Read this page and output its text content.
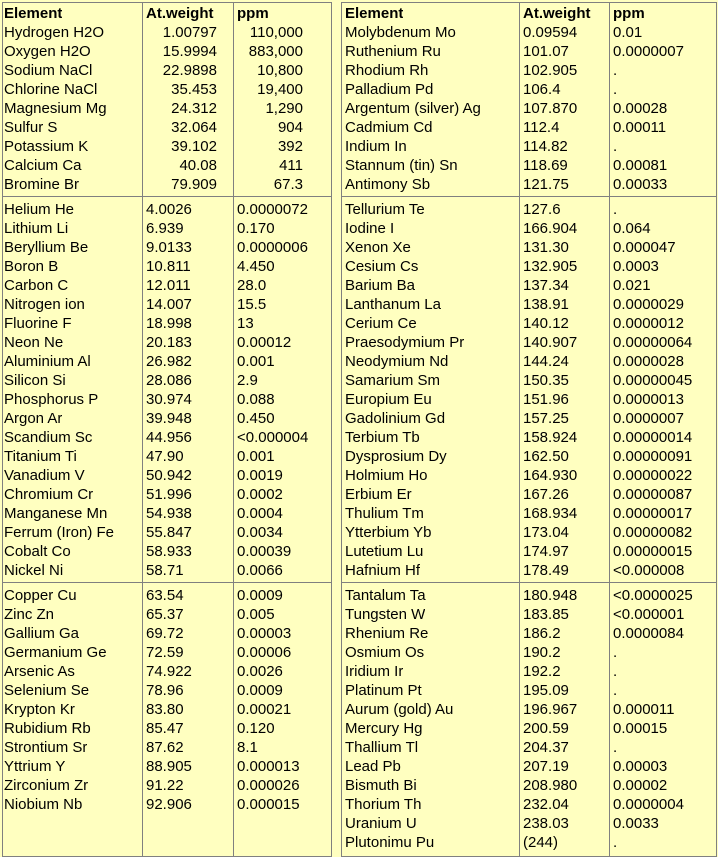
Element	At.weight ppm	Element	At.weight ppm
Hydrogen H2O	1.00797	110,000
Oxygen H2O	15.9994	883,000
Sodium NaCl	22.9898	10,800
Chlorine NaCl	35.453	19,400
Magnesium Mg	24.312	1,290
Sulfur S	32.064	904
Potassium K	39.102	392
Calcium Ca	40.08	411
Bromine Br	79.909	67.3
Helium He	4.0026	0.0000072
Lithium Li	6.939	0.170
Beryllium Be	9.0133	0.0000006
Boron B	10.811	4.450
Carbon C	12.011	28.0
Nitrogen ion	14.007	15.5
Fluorine F	18.998	13
Neon Ne	20.183	0.00012
Aluminium Al	26.982	0.001
Silicon Si	28.086	2.9
Phosphorus P	30.974	0.088
Argon Ar	39.948	0.450
Scandium Sc	44.956	<0.000004
Titanium Ti	47.90	0.001
Vanadium V	50.942	0.0019
Chromium Cr	51.996	0.0002
Manganese Mn	54.938	0.0004
Ferrum (Iron) Fe 55.847	0.0034
Cobalt Co	58.933	0.00039
Nickel Ni	58.71	0.0066
Copper Cu	63.54	0.0009
Zinc Zn	65.37	0.005
Gallium Ga	69.72	0.00003
Germanium Ge	72.59	0.00006
Arsenic As	74.922	0.0026
Selenium Se	78.96	0.0009
Krypton Kr	83.80	0.00021
Rubidium Rb	85.47	0.120
Strontium Sr	87.62	8.1
Yttrium Y	88.905	0.000013
Zirconium Zr	91.22	0.000026
Niobium Nb	92.906	0.000015
Molybdenum Mo	0.09594 0.01
Ruthenium Ru	101.07	0.0000007
Rhodium Rh	102.905 .
Palladium Pd	106.4	.
Argentum (silver) Ag	107.870 0.00028
Cadmium Cd	112.4	0.00011
Indium In	114.82	.
Stannum (tin) Sn	118.69	0.00081
Antimony Sb	121.75	0.00033
Tellurium Te	127.6	.
Iodine I	166.904 0.064
Xenon Xe	131.30	0.000047
Cesium Cs	132.905 0.0003
Barium Ba	137.34	0.021
Lanthanum La	138.91	0.0000029
Cerium Ce	140.12	0.0000012
Praesodymium Pr	140.907 0.00000064
Neodymium Nd	144.24	0.0000028
Samarium Sm	150.35	0.00000045
Europium Eu	151.96	0.0000013
Gadolinium Gd	157.25	0.0000007
Terbium Tb	158.924 0.00000014
Dysprosium Dy	162.50	0.00000091
Holmium Ho	164.930 0.00000022
Erbium Er	167.26	0.00000087
Thulium Tm	168.934 0.00000017
Ytterbium Yb	173.04	0.00000082
Lutetium Lu	174.97	0.00000015
Hafnium Hf	178.49	<0.000008
Tantalum Ta	180.948 <0.0000025
Tungsten W	183.85	<0.000001
Rhenium Re	186.2	0.0000084
Osmium Os	190.2	.
Iridium Ir	192.2	.
Platinum Pt	195.09	.
Aurum (gold) Au	196.967 0.000011
Mercury Hg	200.59	0.00015
Thallium Tl	204.37	.
Lead Pb	207.19	0.00003
Bismuth Bi	208.980 0.00002
Thorium Th	232.04	0.0000004
Uranium U	238.03	0.0033
Plutonimu Pu	(244)	.
